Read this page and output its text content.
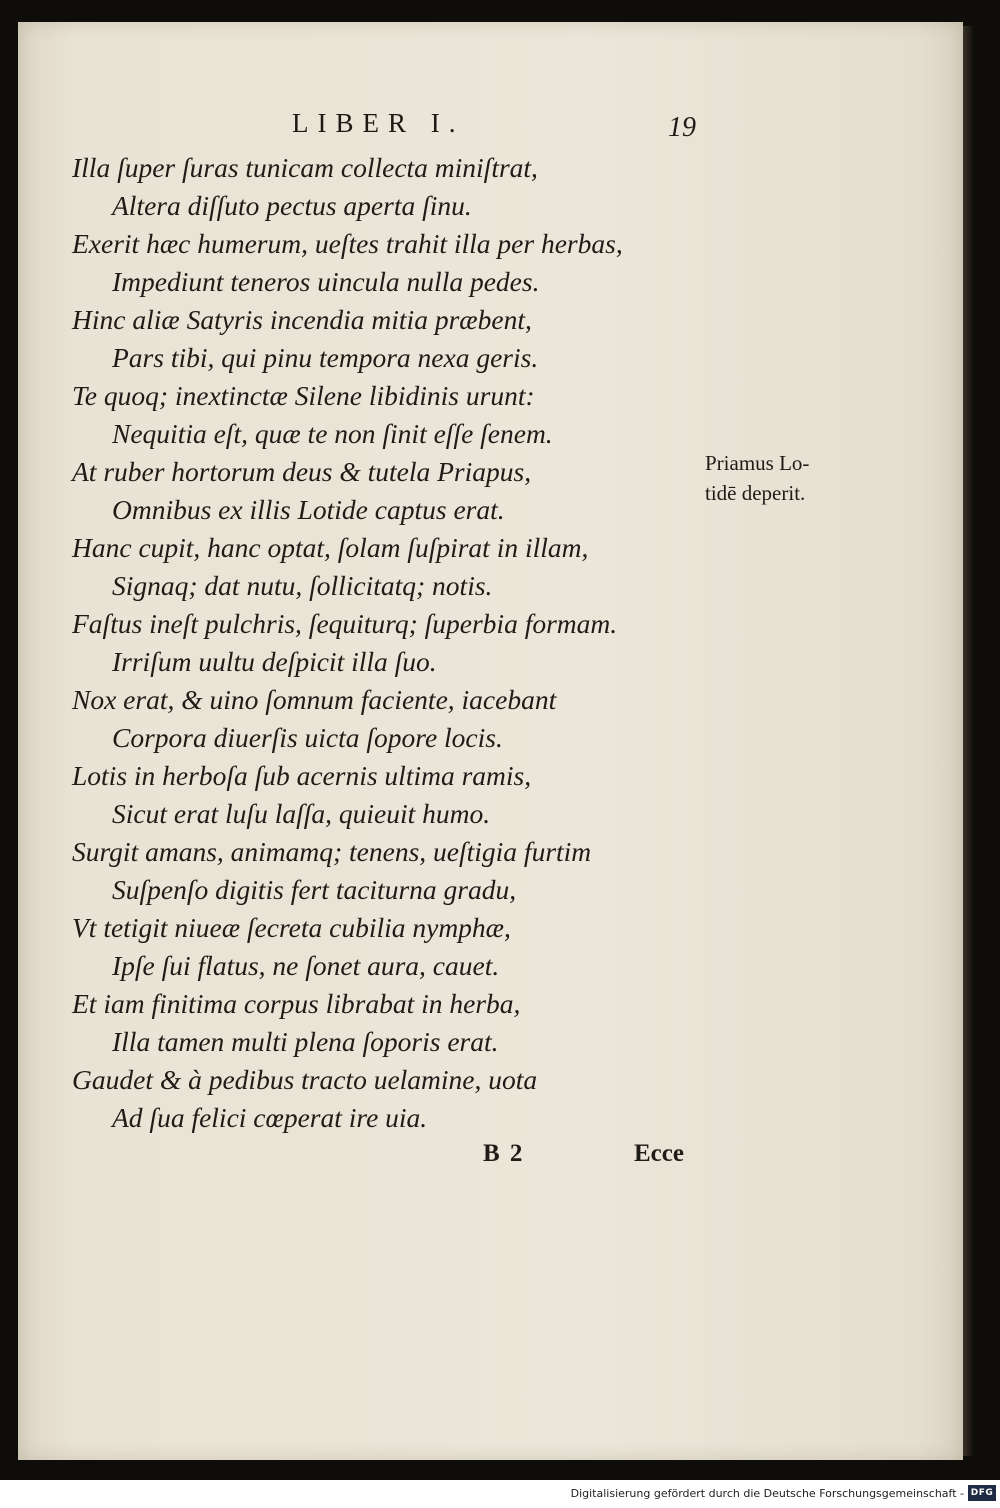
LIBER I.	19
Illa ſuper ſuras tunicam collecta miniſtrat,
Altera diſſuto pectus aperta ſinu.
Exerit hæc humerum, ueſtes trahit illa per herbas,
Impediunt teneros uincula nulla pedes.
Hinc aliæ Satyris incendia mitia præbent,
Pars tibi, qui pinu tempora nexa geris.
Te quoq; inextinctæ Silene libidinis urunt:
Nequitia eſt, quæ te non ſinit eſſe ſenem.
At ruber hortorum deus & tutela Priapus,
Omnibus ex illis Lotide captus erat.
Hanc cupit, hanc optat, ſolam ſuſpirat in illam,
Signaq; dat nutu, ſollicitatq; notis.
Faſtus ineſt pulchris, ſequiturq; ſuperbia formam.
Irriſum uultu deſpicit illa ſuo.
Nox erat, & uino ſomnum faciente, iacebant
Corpora diuerſis uicta ſopore locis.
Lotis in herboſa ſub acernis ultima ramis,
Sicut erat luſu laſſa, quieuit humo.
Surgit amans, animamq; tenens, ueſtigia furtim
Suſpenſo digitis fert taciturna gradu,
Vt tetigit niueæ ſecreta cubilia nymphæ,
Ipſe ſui flatus, ne ſonet aura, cauet.
Et iam finitima corpus librabat in herba,
Illa tamen multi plena ſoporis erat.
Gaudet & à pedibus tracto uelamine, uota
Ad ſua felici cœperat ire uia.
Priamus Lo-
tidē deperit.
B 2	Ecce
Digitalisierung gefördert durch die Deutsche Forschungsgemeinschaft - DFG
